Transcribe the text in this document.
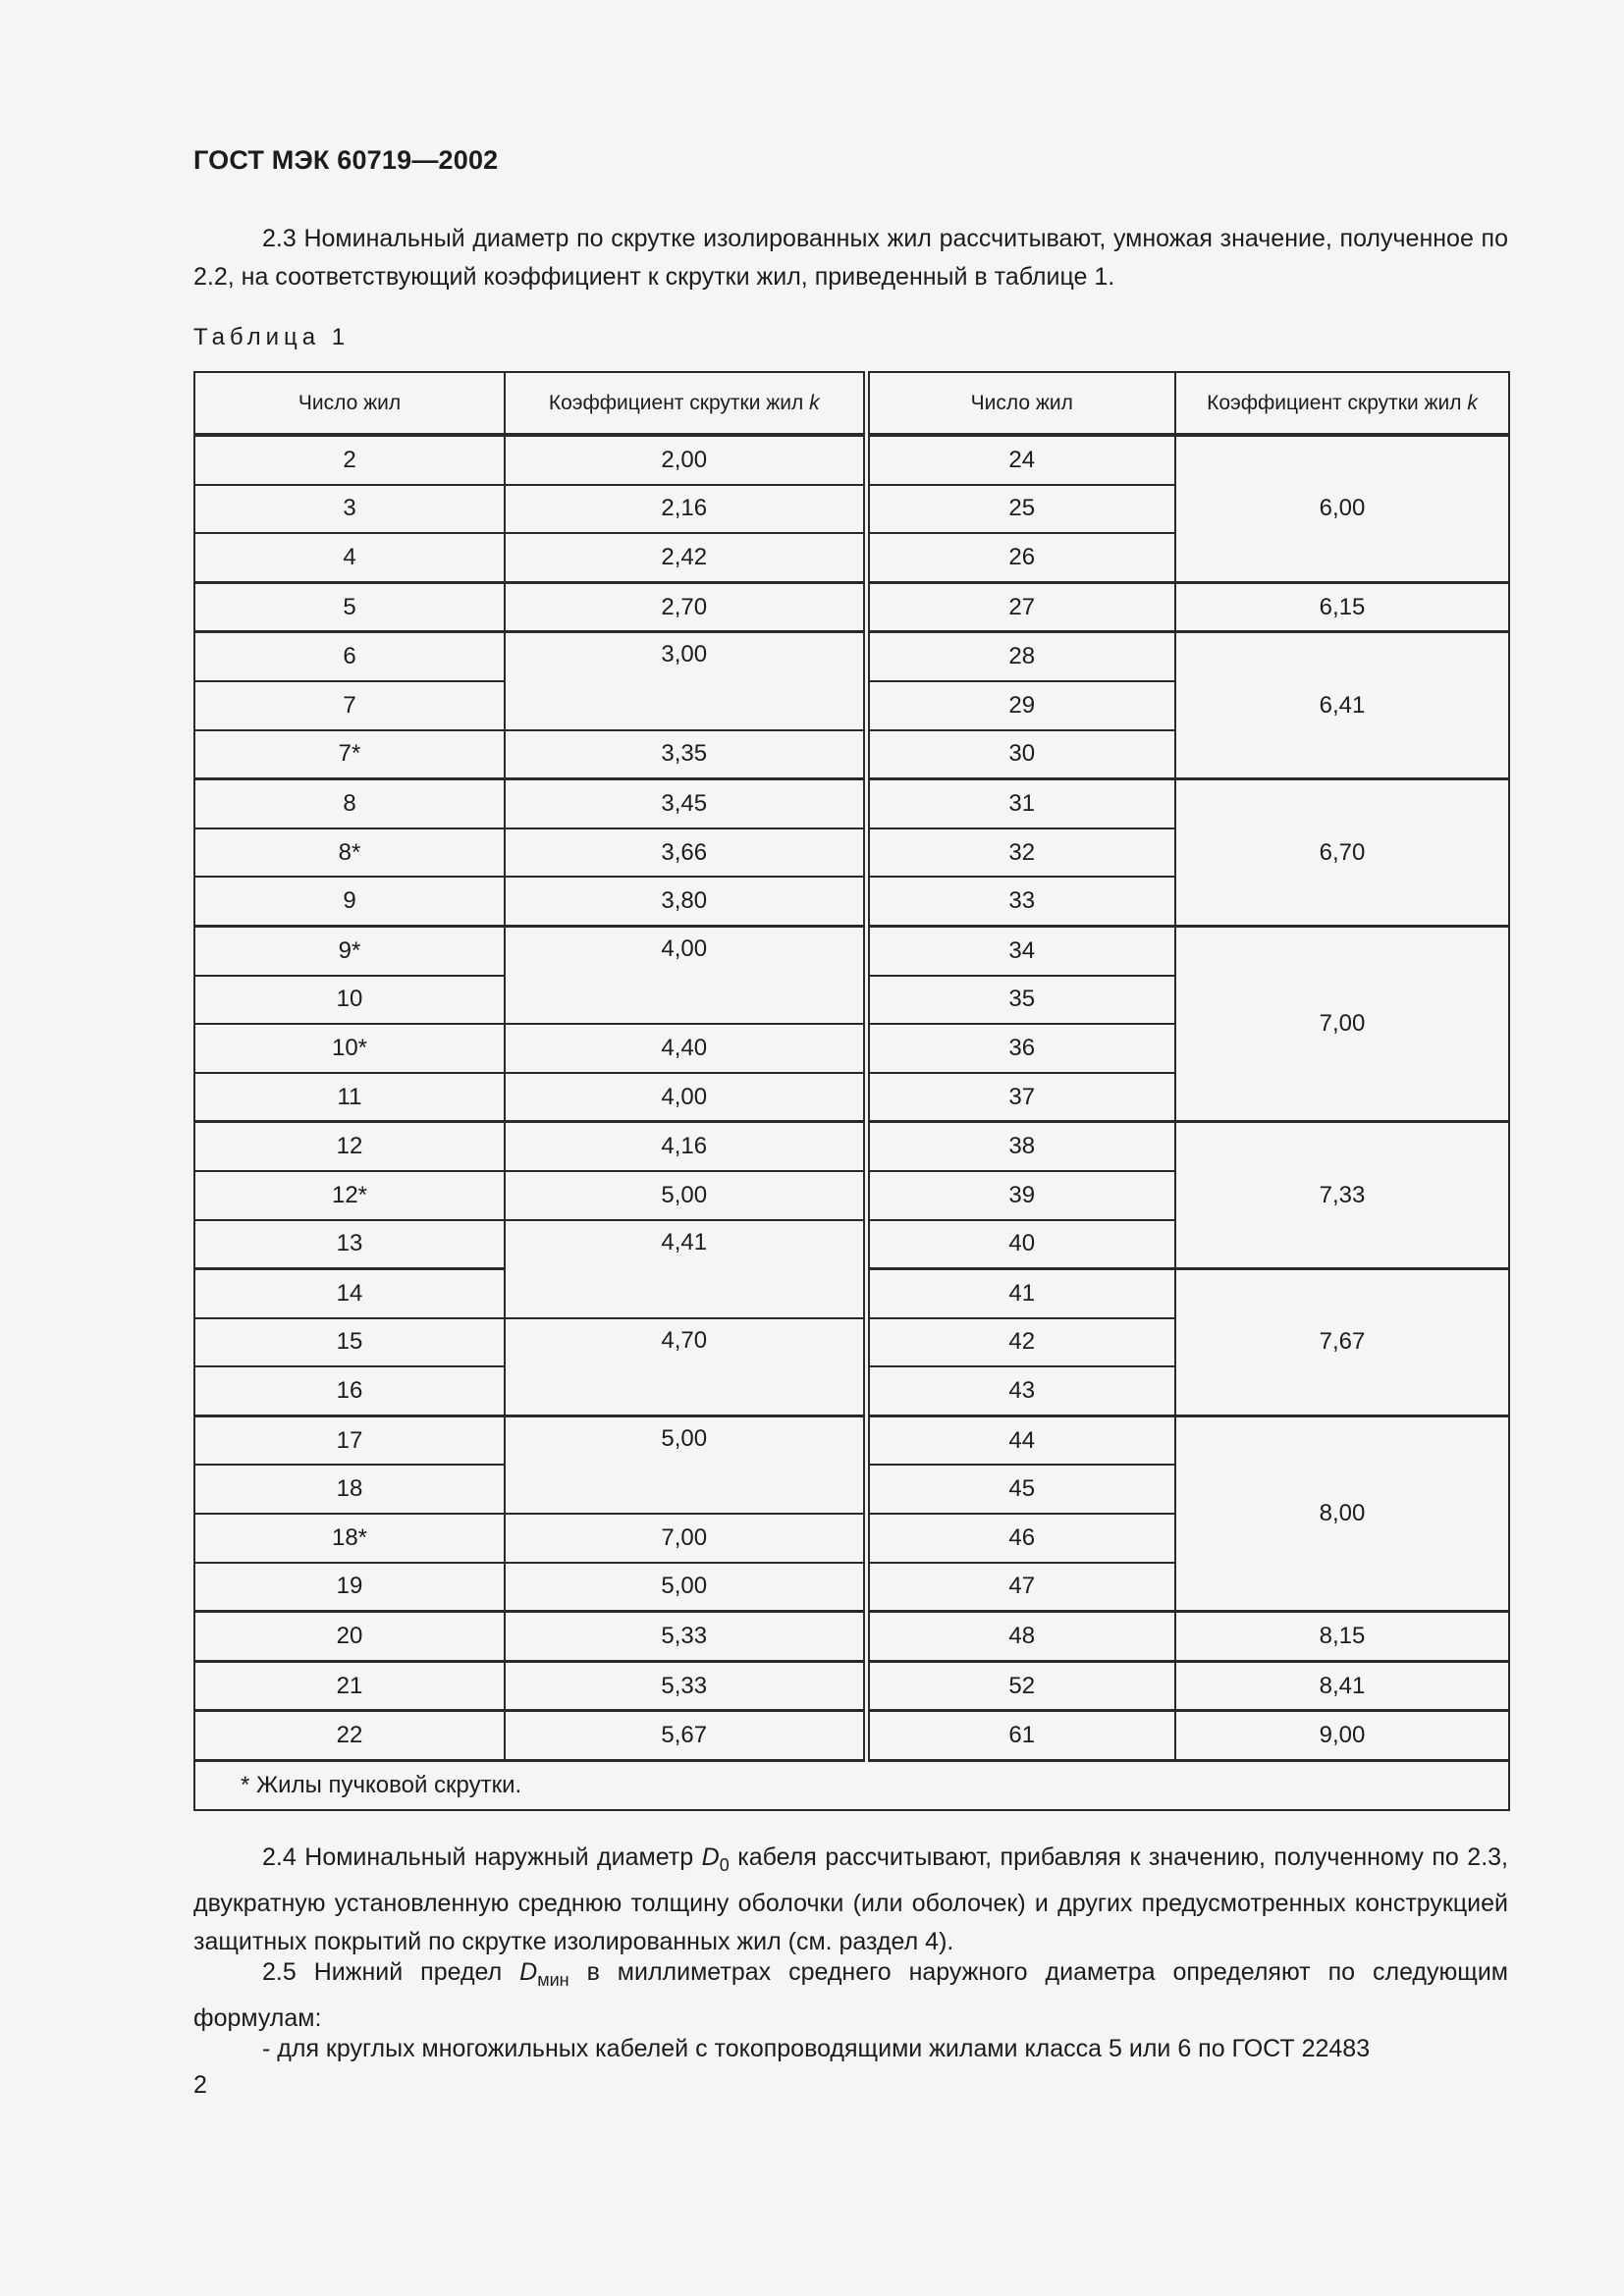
ГОСТ МЭК 60719—2002

2.3 Номинальный диаметр по скрутке изолированных жил рассчитывают, умножая значение, полученное по 2.2, на соответствующий коэффициент к скрутки жил, приведенный в таблице 1.

Таблица 1
Число жил	Коэффициент скрутки жил k	Число жил	Коэффициент скрутки жил k
2	2,00	24	6,00
3	2,16	25	
4	2,42	26	
5	2,70	27	6,15
6	3,00	28	6,41
7		29	
7*	3,35	30	
8	3,45	31	6,70
8*	3,66	32	
9	3,80	33	
9*	4,00	34	7,00
10		35	
10*	4,40	36	
11	4,00	37	
12	4,16	38	7,33
12*	5,00	39	
13	4,41	40	
14		41	7,67
15	4,70	42	
16		43	
17	5,00	44	8,00
18		45	
18*	7,00	46	
19	5,00	47	
20	5,33	48	8,15
21	5,33	52	8,41
22	5,67	61	9,00
* Жилы пучковой скрутки.			

2.4 Номинальный наружный диаметр $D_0$ кабеля рассчитывают, прибавляя к значению, полученному по 2.3, двукратную установленную среднюю толщину оболочки (или оболочек) и других предусмотренных конструкцией защитных покрытий по скрутке изолированных жил (см. раздел 4).

2.5 Нижний предел $D_{мин}$ в миллиметрах среднего наружного диаметра определяют по следующим формулам:

- для круглых многожильных кабелей с токопроводящими жилами класса 5 или 6 по ГОСТ 22483

2
